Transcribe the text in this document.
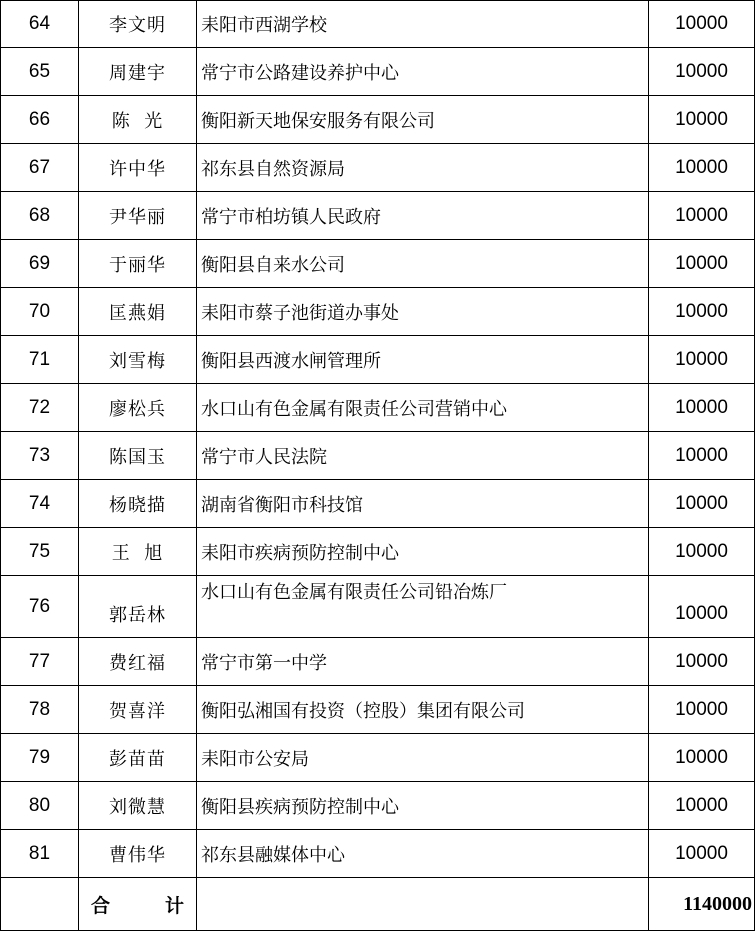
64	李文明	耒阳市西湖学校	10000
65	周建宇	常宁市公路建设养护中心	10000
66	陈  光	衡阳新天地保安服务有限公司	10000
67	许中华	祁东县自然资源局	10000
68	尹华丽	常宁市柏坊镇人民政府	10000
69	于丽华	衡阳县自来水公司	10000
70	匡燕娟	耒阳市蔡子池街道办事处	10000
71	刘雪梅	衡阳县西渡水闸管理所	10000
72	廖松兵	水口山有色金属有限责任公司营销中心	10000
73	陈国玉	常宁市人民法院	10000
74	杨晓描	湖南省衡阳市科技馆	10000
75	王  旭	耒阳市疾病预防控制中心	10000
76	郭岳林	水口山有色金属有限责任公司铅冶炼厂	10000
77	费红福	常宁市第一中学	10000
78	贺喜洋	衡阳弘湘国有投资（控股）集团有限公司	10000
79	彭苗苗	耒阳市公安局	10000
80	刘微慧	衡阳县疾病预防控制中心	10000
81	曹伟华	祁东县融媒体中心	10000
	合 计		1140000
